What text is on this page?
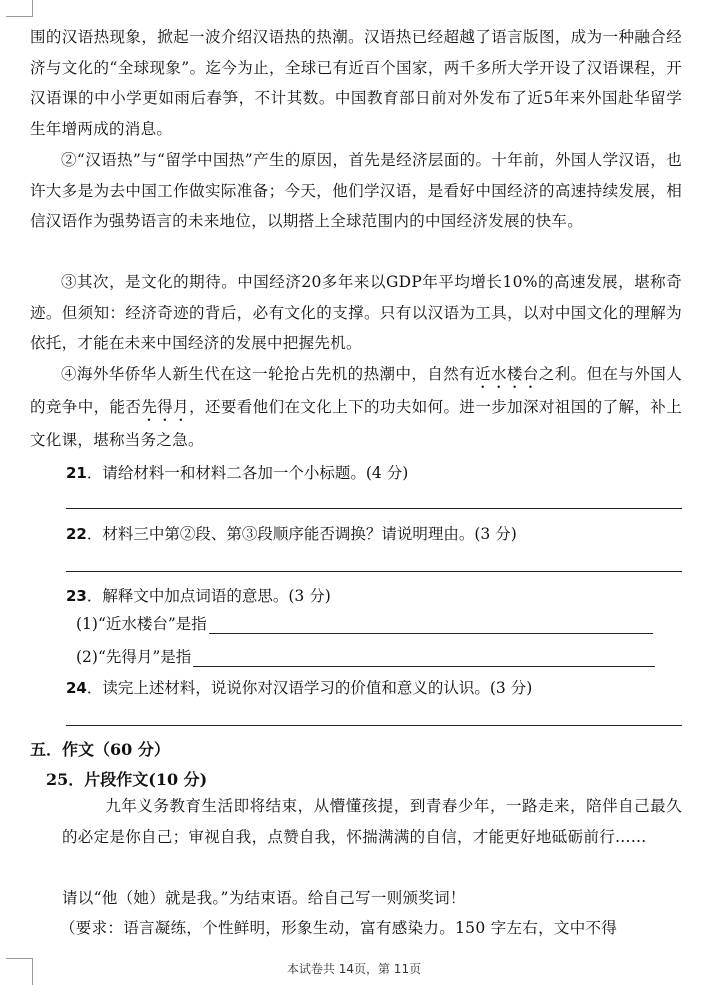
围的汉语热现象，掀起一波介绍汉语热的热潮。汉语热已经超越了语言版图，成为一种融合经济与文化的“全球现象”。迄今为止，全球已有近百个国家，两千多所大学开设了汉语课程，开汉语课的中小学更如雨后春笋，不计其数。中国教育部日前对外发布了近5年来外国赴华留学生年增两成的消息。

②“汉语热”与“留学中国热”产生的原因，首先是经济层面的。十年前，外国人学汉语，也许大多是为去中国工作做实际准备；今天，他们学汉语，是看好中国经济的高速持续发展，相信汉语作为强势语言的未来地位，以期搭上全球范围内的中国经济发展的快车。

③其次，是文化的期待。中国经济20多年来以GDP年平均增长10%的高速发展，堪称奇迹。但须知：经济奇迹的背后，必有文化的支撑。只有以汉语为工具，以对中国文化的理解为依托，才能在未来中国经济的发展中把握先机。

④海外华侨华人新生代在这一轮抢占先机的热潮中，自然有近水楼台之利。但在与外国人的竞争中，能否先得月，还要看他们在文化上下的功夫如何。进一步加深对祖国的了解，补上文化课，堪称当务之急。

21．请给材料一和材料二各加一个小标题。(4 分)

22．材料三中第②段、第③段顺序能否调换？请说明理由。(3 分)

23．解释文中加点词语的意思。(3 分)

(1)“近水楼台”是指
(2)“先得月”是指

24．读完上述材料，说说你对汉语学习的价值和意义的认识。(3 分)

五．作文（60 分）

25．片段作文(10 分)

九年义务教育生活即将结束，从懵懂孩提，到青春少年，一路走来，陪伴自己最久的必定是你自己；审视自我，点赞自我，怀揣满满的自信，才能更好地砥砺前行……

请以“他（她）就是我。”为结束语。给自己写一则颁奖词！

（要求：语言凝练，个性鲜明，形象生动，富有感染力。150 字左右，文中不得

本试卷共 14页，第 11页
